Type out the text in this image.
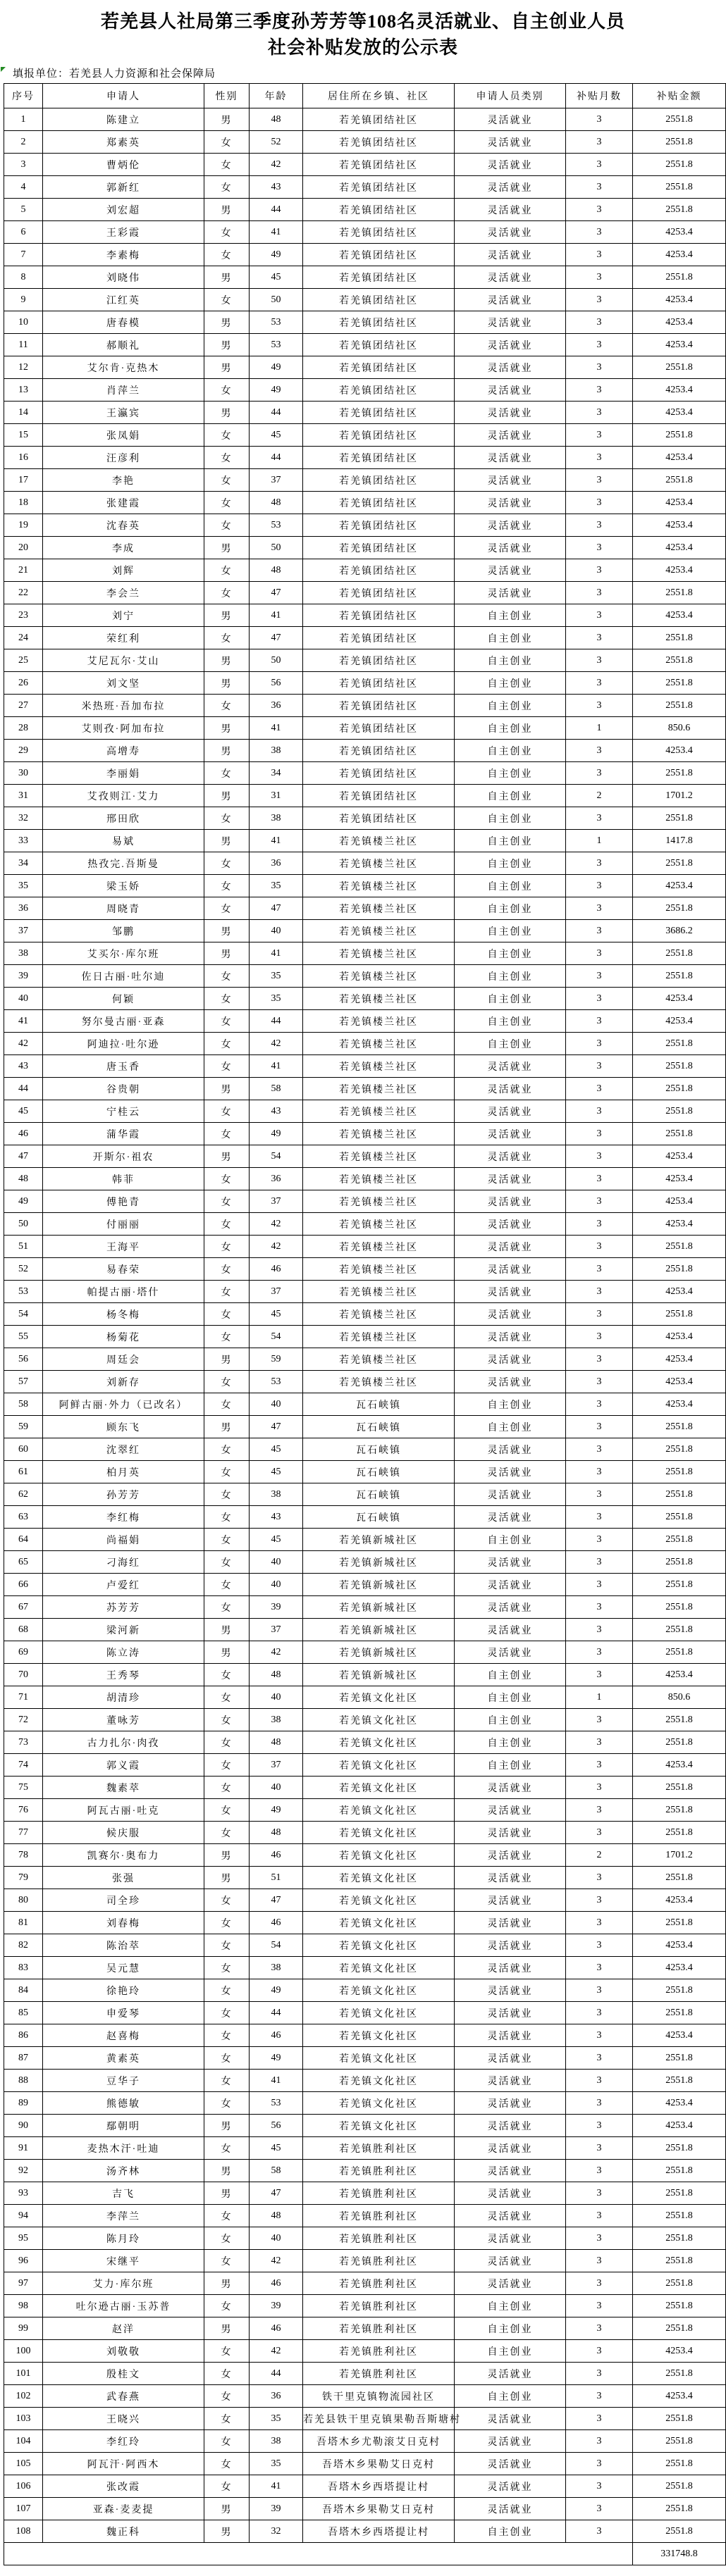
若羌县人社局第三季度孙芳芳等108名灵活就业、自主创业人员
社会补贴发放的公示表
填报单位：若羌县人力资源和社会保障局
序号	申请人	性别	年龄	居住所在乡镇、社区	申请人员类别	补贴月数	补贴金额
1	陈建立	男	48	若羌镇团结社区	灵活就业	3	2551.8
2	郑素英	女	52	若羌镇团结社区	灵活就业	3	2551.8
3	曹炳伦	女	42	若羌镇团结社区	灵活就业	3	2551.8
4	郭新红	女	43	若羌镇团结社区	灵活就业	3	2551.8
5	刘宏超	男	44	若羌镇团结社区	灵活就业	3	2551.8
6	王彩霞	女	41	若羌镇团结社区	灵活就业	3	4253.4
7	李素梅	女	49	若羌镇团结社区	灵活就业	3	4253.4
8	刘晓伟	男	45	若羌镇团结社区	灵活就业	3	2551.8
9	江红英	女	50	若羌镇团结社区	灵活就业	3	4253.4
10	唐春模	男	53	若羌镇团结社区	灵活就业	3	4253.4
11	郝顺礼	男	53	若羌镇团结社区	灵活就业	3	4253.4
12	艾尔肯·克热木	男	49	若羌镇团结社区	灵活就业	3	2551.8
13	肖萍兰	女	49	若羌镇团结社区	灵活就业	3	4253.4
14	王瀛宾	男	44	若羌镇团结社区	灵活就业	3	4253.4
15	张凤娟	女	45	若羌镇团结社区	灵活就业	3	2551.8
16	汪彦利	女	44	若羌镇团结社区	灵活就业	3	4253.4
17	李艳	女	37	若羌镇团结社区	灵活就业	3	2551.8
18	张建霞	女	48	若羌镇团结社区	灵活就业	3	4253.4
19	沈春英	女	53	若羌镇团结社区	灵活就业	3	4253.4
20	李成	男	50	若羌镇团结社区	灵活就业	3	4253.4
21	刘辉	女	48	若羌镇团结社区	灵活就业	3	4253.4
22	李会兰	女	47	若羌镇团结社区	灵活就业	3	2551.8
23	刘宁	男	41	若羌镇团结社区	自主创业	3	4253.4
24	荣红利	女	47	若羌镇团结社区	自主创业	3	2551.8
25	艾尼瓦尔·艾山	男	50	若羌镇团结社区	自主创业	3	2551.8
26	刘文坚	男	56	若羌镇团结社区	自主创业	3	2551.8
27	米热班·吾加布拉	女	36	若羌镇团结社区	自主创业	3	2551.8
28	艾则孜·阿加布拉	男	41	若羌镇团结社区	自主创业	1	850.6
29	高增寿	男	38	若羌镇团结社区	自主创业	3	4253.4
30	李丽娟	女	34	若羌镇团结社区	自主创业	3	2551.8
31	艾孜则江·艾力	男	31	若羌镇团结社区	自主创业	2	1701.2
32	邢田欣	女	38	若羌镇团结社区	自主创业	3	2551.8
33	易斌	男	41	若羌镇楼兰社区	自主创业	1	1417.8
34	热孜完.吾斯曼	女	36	若羌镇楼兰社区	自主创业	3	2551.8
35	梁玉娇	女	35	若羌镇楼兰社区	自主创业	3	4253.4
36	周晓青	女	47	若羌镇楼兰社区	自主创业	3	2551.8
37	邹鹏	男	40	若羌镇楼兰社区	自主创业	3	3686.2
38	艾买尔·库尔班	男	41	若羌镇楼兰社区	自主创业	3	2551.8
39	佐日古丽·吐尔迪	女	35	若羌镇楼兰社区	自主创业	3	2551.8
40	何颖	女	35	若羌镇楼兰社区	自主创业	3	4253.4
41	努尔曼古丽·亚森	女	44	若羌镇楼兰社区	自主创业	3	4253.4
42	阿迪拉·吐尔逊	女	42	若羌镇楼兰社区	自主创业	3	2551.8
43	唐玉香	女	41	若羌镇楼兰社区	灵活就业	3	2551.8
44	谷贵朝	男	58	若羌镇楼兰社区	灵活就业	3	2551.8
45	宁桂云	女	43	若羌镇楼兰社区	灵活就业	3	2551.8
46	蒲华霞	女	49	若羌镇楼兰社区	灵活就业	3	2551.8
47	开斯尔·祖农	男	54	若羌镇楼兰社区	灵活就业	3	4253.4
48	韩菲	女	36	若羌镇楼兰社区	灵活就业	3	4253.4
49	傅艳青	女	37	若羌镇楼兰社区	灵活就业	3	4253.4
50	付丽丽	女	42	若羌镇楼兰社区	灵活就业	3	4253.4
51	王海平	女	42	若羌镇楼兰社区	灵活就业	3	2551.8
52	易春荣	女	46	若羌镇楼兰社区	灵活就业	3	2551.8
53	帕提古丽·塔什	女	37	若羌镇楼兰社区	灵活就业	3	4253.4
54	杨冬梅	女	45	若羌镇楼兰社区	灵活就业	3	2551.8
55	杨菊花	女	54	若羌镇楼兰社区	灵活就业	3	4253.4
56	周廷会	男	59	若羌镇楼兰社区	灵活就业	3	4253.4
57	刘新存	女	53	若羌镇楼兰社区	灵活就业	3	4253.4
58	阿鲜古丽·外力（已改名）	女	40	瓦石峡镇	自主创业	3	4253.4
59	顾东飞	男	47	瓦石峡镇	自主创业	3	2551.8
60	沈翠红	女	45	瓦石峡镇	灵活就业	3	2551.8
61	柏月英	女	45	瓦石峡镇	灵活就业	3	2551.8
62	孙芳芳	女	38	瓦石峡镇	灵活就业	3	2551.8
63	李红梅	女	43	瓦石峡镇	灵活就业	3	2551.8
64	尚福娟	女	45	若羌镇新城社区	自主创业	3	2551.8
65	刁海红	女	40	若羌镇新城社区	灵活就业	3	2551.8
66	卢爱红	女	40	若羌镇新城社区	灵活就业	3	2551.8
67	苏芳芳	女	39	若羌镇新城社区	灵活就业	3	2551.8
68	梁河新	男	37	若羌镇新城社区	灵活就业	3	2551.8
69	陈立涛	男	42	若羌镇新城社区	灵活就业	3	2551.8
70	王秀琴	女	48	若羌镇新城社区	自主创业	3	4253.4
71	胡清珍	女	40	若羌镇文化社区	自主创业	1	850.6
72	董咏芳	女	38	若羌镇文化社区	自主创业	3	2551.8
73	古力扎尔·肉孜	女	48	若羌镇文化社区	自主创业	3	2551.8
74	郭义霞	女	37	若羌镇文化社区	自主创业	3	4253.4
75	魏素萃	女	40	若羌镇文化社区	灵活就业	3	2551.8
76	阿瓦古丽·吐克	女	49	若羌镇文化社区	灵活就业	3	2551.8
77	候庆服	女	48	若羌镇文化社区	灵活就业	3	2551.8
78	凯赛尔·奥布力	男	46	若羌镇文化社区	灵活就业	2	1701.2
79	张强	男	51	若羌镇文化社区	灵活就业	3	2551.8
80	司全珍	女	47	若羌镇文化社区	灵活就业	3	4253.4
81	刘春梅	女	46	若羌镇文化社区	灵活就业	3	2551.8
82	陈治萃	女	54	若羌镇文化社区	灵活就业	3	4253.4
83	吴元慧	女	38	若羌镇文化社区	灵活就业	3	4253.4
84	徐艳玲	女	49	若羌镇文化社区	灵活就业	3	2551.8
85	申爱琴	女	44	若羌镇文化社区	灵活就业	3	2551.8
86	赵喜梅	女	46	若羌镇文化社区	灵活就业	3	4253.4
87	黄素英	女	49	若羌镇文化社区	灵活就业	3	2551.8
88	豆华子	女	41	若羌镇文化社区	灵活就业	3	2551.8
89	熊德敏	女	53	若羌镇文化社区	灵活就业	3	4253.4
90	鄢朝明	男	56	若羌镇文化社区	灵活就业	3	4253.4
91	麦热木汗·吐迪	女	45	若羌镇胜利社区	灵活就业	3	2551.8
92	汤齐林	男	58	若羌镇胜利社区	灵活就业	3	2551.8
93	吉飞	男	47	若羌镇胜利社区	灵活就业	3	2551.8
94	李萍兰	女	48	若羌镇胜利社区	灵活就业	3	2551.8
95	陈月玲	女	40	若羌镇胜利社区	灵活就业	3	2551.8
96	宋继平	女	42	若羌镇胜利社区	灵活就业	3	2551.8
97	艾力·库尔班	男	46	若羌镇胜利社区	灵活就业	3	2551.8
98	吐尔逊古丽·玉苏普	女	39	若羌镇胜利社区	自主创业	3	2551.8
99	赵洋	男	46	若羌镇胜利社区	自主创业	3	2551.8
100	刘敬敬	女	42	若羌镇胜利社区	自主创业	3	4253.4
101	殷桂文	女	44	若羌镇胜利社区	灵活就业	3	2551.8
102	武春燕	女	36	铁干里克镇物流园社区	自主创业	3	4253.4
103	王晓兴	女	35	若羌县铁干里克镇果勒吾斯塘村	灵活就业	3	2551.8
104	李红玲	女	38	吾塔木乡尤勒滚艾日克村	灵活就业	3	2551.8
105	阿瓦汗·阿西木	女	35	吾塔木乡果勒艾日克村	灵活就业	3	2551.8
106	张改霞	女	41	吾塔木乡西塔提让村	灵活就业	3	2551.8
107	亚森·麦麦提	男	39	吾塔木乡果勒艾日克村	灵活就业	3	2551.8
108	魏正科	男	32	吾塔木乡西塔提让村	自主创业	3	2551.8
							331748.8
